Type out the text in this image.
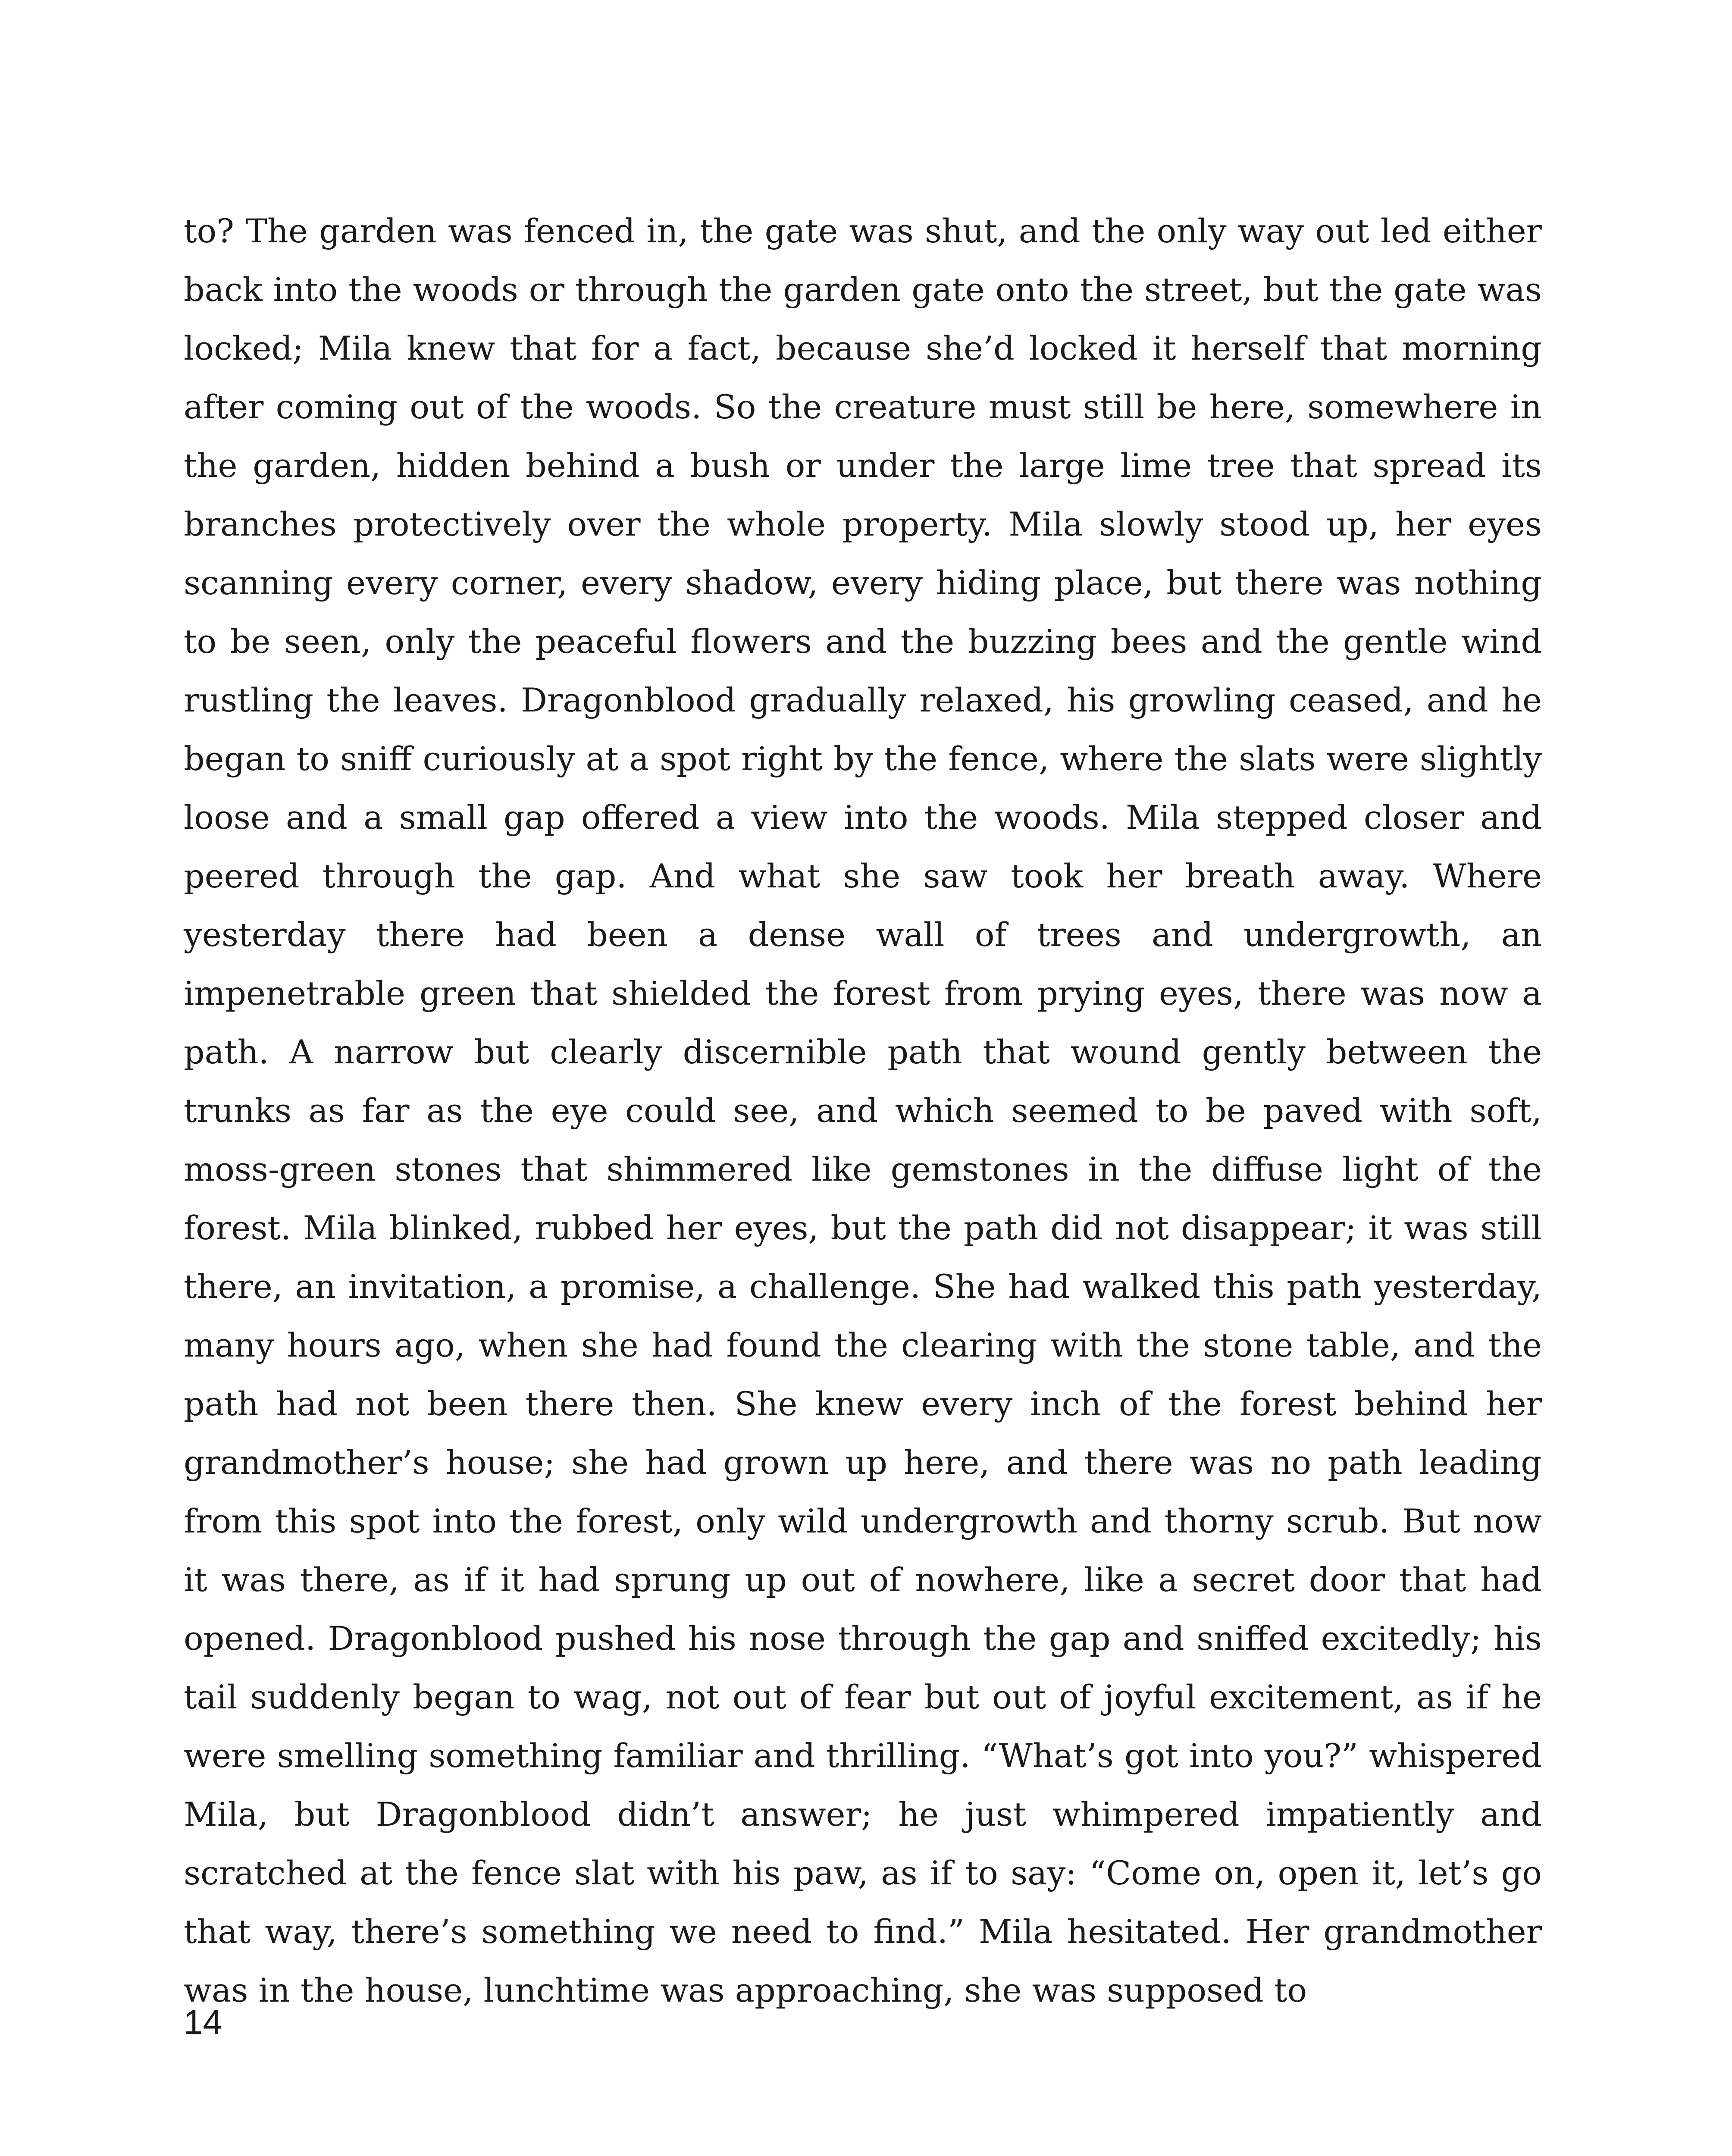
to? The garden was fenced in, the gate was shut, and the only way out led either back into the woods or through the garden gate onto the street, but the gate was locked; Mila knew that for a fact, because she’d locked it herself that morning after coming out of the woods. So the creature must still be here, somewhere in the garden, hidden behind a bush or under the large lime tree that spread its branches protectively over the whole property. Mila slowly stood up, her eyes scanning every corner, every shadow, every hiding place, but there was nothing to be seen, only the peaceful flowers and the buzzing bees and the gentle wind rustling the leaves. Dragonblood gradually relaxed, his growling ceased, and he began to sniff curiously at a spot right by the fence, where the slats were slightly loose and a small gap offered a view into the woods. Mila stepped closer and peered through the gap. And what she saw took her breath away. Where yesterday there had been a dense wall of trees and undergrowth, an impenetrable green that shielded the forest from prying eyes, there was now a path. A narrow but clearly discernible path that wound gently between the trunks as far as the eye could see, and which seemed to be paved with soft, moss-green stones that shimmered like gemstones in the diffuse light of the forest. Mila blinked, rubbed her eyes, but the path did not disappear; it was still there, an invitation, a promise, a challenge. She had walked this path yesterday, many hours ago, when she had found the clearing with the stone table, and the path had not been there then. She knew every inch of the forest behind her grandmother’s house; she had grown up here, and there was no path leading from this spot into the forest, only wild undergrowth and thorny scrub. But now it was there, as if it had sprung up out of nowhere, like a secret door that had opened. Dragonblood pushed his nose through the gap and sniffed excitedly; his tail suddenly began to wag, not out of fear but out of joyful excitement, as if he were smelling something familiar and thrilling. “What’s got into you?” whispered Mila, but Dragonblood didn’t answer; he just whimpered impatiently and scratched at the fence slat with his paw, as if to say: “Come on, open it, let’s go that way, there’s something we need to find.” Mila hesitated. Her grandmother was in the house, lunchtime was approaching, she was supposed to

14
